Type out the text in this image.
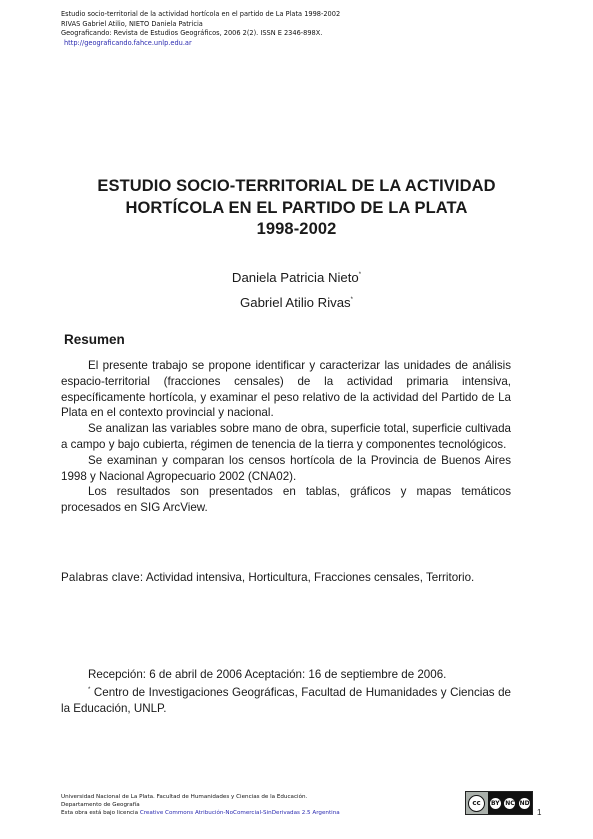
Estudio socio-territorial de la actividad hortícola en el partido de La Plata 1998-2002
RIVAS Gabriel Atilio, NIETO Daniela Patricia
Geograficando: Revista de Estudios Geográficos, 2006 2(2). ISSN E 2346-898X.
http://geograficando.fahce.unlp.edu.ar
ESTUDIO SOCIO-TERRITORIAL DE LA ACTIVIDAD
HORTÍCOLA EN EL PARTIDO DE LA PLATA
1998-2002
Daniela Patricia Nieto*
Gabriel Atilio Rivas*
Resumen

El presente trabajo se propone identificar y caracterizar las unidades de análisis espacio-territorial (fracciones censales) de la actividad primaria intensiva, específicamente hortícola, y examinar el peso relativo de la actividad del Partido de La Plata en el contexto provincial y nacional.

Se analizan las variables sobre mano de obra, superficie total, superficie cultivada a campo y bajo cubierta, régimen de tenencia de la tierra y componentes tecnológicos.

Se examinan y comparan los censos hortícola de la Provincia de Buenos Aires 1998 y Nacional Agropecuario 2002 (CNA02).

Los resultados son presentados en tablas, gráficos y mapas temáticos procesados en SIG ArcView.

Palabras clave: Actividad intensiva, Horticultura, Fracciones censales, Territorio.

Recepción: 6 de abril de 2006 Aceptación: 16 de septiembre de 2006.

* Centro de Investigaciones Geográficas, Facultad de Humanidades y Ciencias de la Educación, UNLP.

Universidad Nacional de La Plata. Facultad de Humanidades y Ciencias de la Educación.
Departamento de Geografía
Esta obra está bajo licencia Creative Commons Atribución-NoComercial-SinDerivadas 2.5 Argentina
cc	BY NC ND
1
